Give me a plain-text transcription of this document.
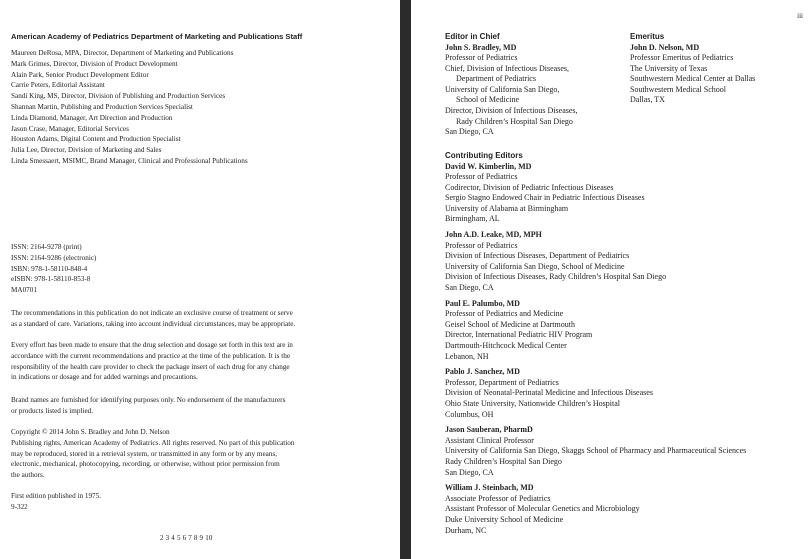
American Academy of Pediatrics Department of Marketing and Publications Staff
Maureen DeRosa, MPA, Director, Department of Marketing and Publications
Mark Grimes, Director, Division of Product Development
Alain Park, Senior Product Development Editor
Carrie Peters, Editorial Assistant
Sandi King, MS, Director, Division of Publishing and Production Services
Shannan Martin, Publishing and Production Services Specialist
Linda Diamond, Manager, Art Direction and Production
Jason Crase, Manager, Editorial Services
Houston Adams, Digital Content and Production Specialist
Julia Lee, Director, Division of Marketing and Sales
Linda Smessaert, MSIMC, Brand Manager, Clinical and Professional Publications
ISSN: 2164-9278 (print)
ISSN: 2164-9286 (electronic)
ISBN: 978-1-58110-848-4
eISBN: 978-1-58110-853-8
MA0701
The recommendations in this publication do not indicate an exclusive course of treatment or serve
as a standard of care. Variations, taking into account individual circumstances, may be appropriate.
Every effort has been made to ensure that the drug selection and dosage set forth in this text are in
accordance with the current recommendations and practice at the time of the publication. It is the
responsibility of the health care provider to check the package insert of each drug for any change
in indications or dosage and for added warnings and precautions.
Brand names are furnished for identifying purposes only. No endorsement of the manufacturers
or products listed is implied.
Copyright © 2014 John S. Bradley and John D. Nelson
Publishing rights, American Academy of Pediatrics. All rights reserved. No part of this publication
may be reproduced, stored in a retrieval system, or transmitted in any form or by any means,
electronic, mechanical, photocopying, recording, or otherwise, without prior permission from
the authors.
First edition published in 1975.
9-322
2 3 4 5 6 7 8 9 10
iii
Editor in Chief
John S. Bradley, MD
Professor of Pediatrics
Chief, Division of Infectious Diseases,
Department of Pediatrics
University of California San Diego,
School of Medicine
Director, Division of Infectious Diseases,
Rady Children’s Hospital San Diego
San Diego, CA
Emeritus
John D. Nelson, MD
Professor Emeritus of Pediatrics
The University of Texas
Southwestern Medical Center at Dallas
Southwestern Medical School
Dallas, TX
Contributing Editors
David W. Kimberlin, MD
Professor of Pediatrics
Codirector, Division of Pediatric Infectious Diseases
Sergio Stagno Endowed Chair in Pediatric Infectious Diseases
University of Alabama at Birmingham
Birmingham, AL
John A.D. Leake, MD, MPH
Professor of Pediatrics
Division of Infectious Diseases, Department of Pediatrics
University of California San Diego, School of Medicine
Division of Infectious Diseases, Rady Children’s Hospital San Diego
San Diego, CA
Paul E. Palumbo, MD
Professor of Pediatrics and Medicine
Geisel School of Medicine at Dartmouth
Director, International Pediatric HIV Program
Dartmouth-Hitchcock Medical Center
Lebanon, NH
Pablo J. Sanchez, MD
Professor, Department of Pediatrics
Division of Neonatal-Perinatal Medicine and Infectious Diseases
Ohio State University, Nationwide Children’s Hospital
Columbus, OH
Jason Sauberan, PharmD
Assistant Clinical Professor
University of California San Diego, Skaggs School of Pharmacy and Pharmaceutical Sciences
Rady Children’s Hospital San Diego
San Diego, CA
William J. Steinbach, MD
Associate Professor of Pediatrics
Assistant Professor of Molecular Genetics and Microbiology
Duke University School of Medicine
Durham, NC
